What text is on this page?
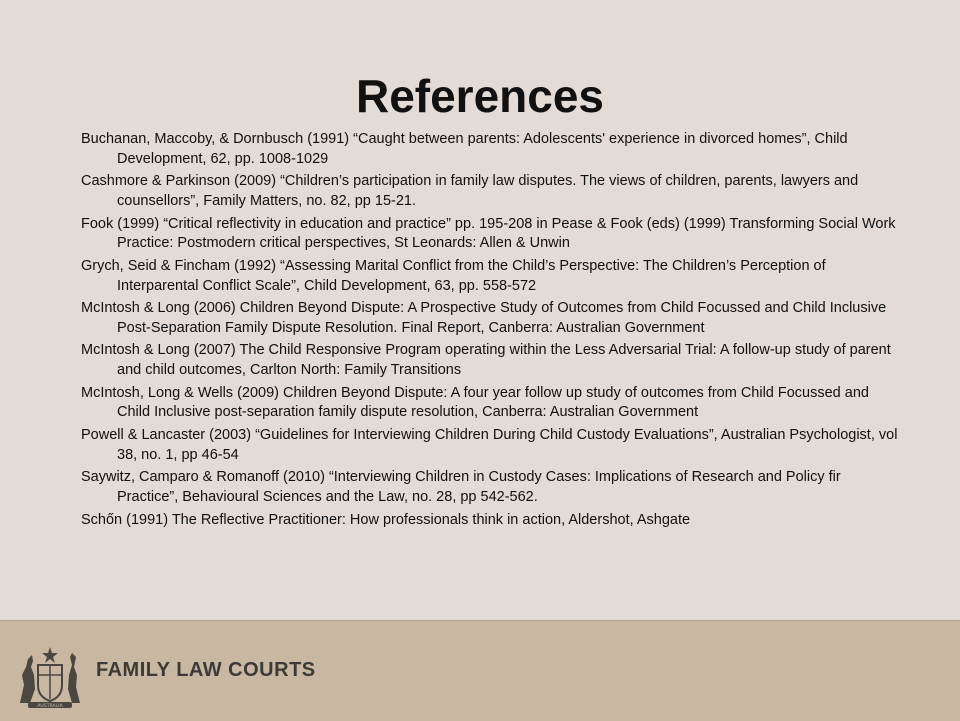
References
Buchanan, Maccoby, & Dornbusch (1991) “Caught between parents: Adolescents' experience in divorced homes”, Child Development, 62, pp. 1008-1029
Cashmore & Parkinson (2009) “Children’s participation in family law disputes. The views of children, parents, lawyers and counsellors”, Family Matters, no. 82, pp 15-21.
Fook (1999) “Critical reflectivity in education and practice” pp. 195-208 in Pease & Fook (eds) (1999) Transforming Social Work Practice: Postmodern critical perspectives, St Leonards: Allen & Unwin
Grych, Seid & Fincham (1992) “Assessing Marital Conflict from the Child’s Perspective: The Children’s Perception of Interparental Conflict Scale”, Child Development, 63, pp. 558-572
McIntosh & Long (2006) Children Beyond Dispute: A Prospective Study of Outcomes from Child Focussed and Child Inclusive Post-Separation Family Dispute Resolution. Final Report, Canberra: Australian Government
McIntosh & Long (2007) The Child Responsive Program operating within the Less Adversarial Trial: A follow-up study of parent and child outcomes, Carlton North: Family Transitions
McIntosh, Long & Wells (2009) Children Beyond Dispute: A four year follow up study of outcomes from Child Focussed and Child Inclusive post-separation family dispute resolution, Canberra: Australian Government
Powell & Lancaster (2003) “Guidelines for Interviewing Children During Child Custody Evaluations”, Australian Psychologist, vol 38, no. 1, pp 46-54
Saywitz, Camparo & Romanoff (2010) “Interviewing Children in Custody Cases: Implications of Research and Policy fir Practice”, Behavioural Sciences and the Law, no. 28, pp 542-562.
Schőn (1991) The Reflective Practitioner: How professionals think in action, Aldershot, Ashgate
AUSTRALIA
FAMILY LAW COURTS
